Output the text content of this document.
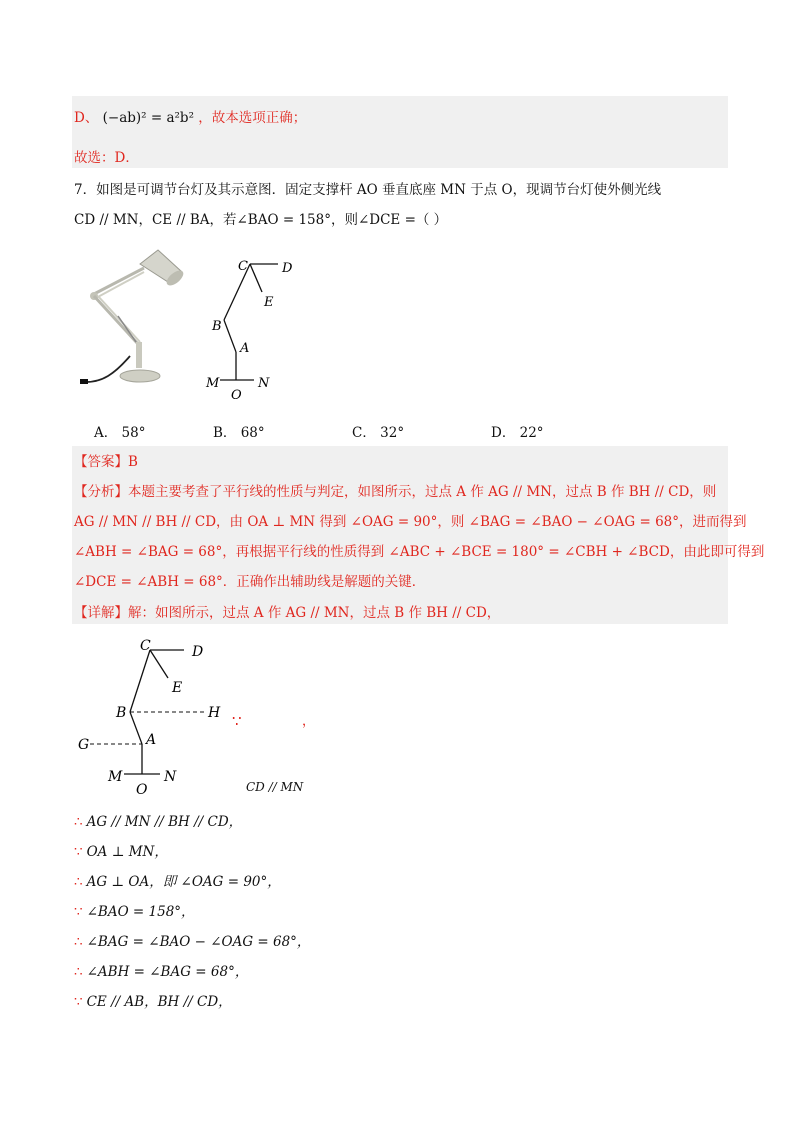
D、 (−ab)² = a²b² ，故本选项正确；
故选：D．
7．如图是可调节台灯及其示意图．固定支撑杆 AO 垂直底座 MN 于点 O，现调节台灯使外侧光线
CD // MN，CE // BA，若∠BAO = 158°，则∠DCE =（ ）
C	D
E
B
A
M
O
N
A． 58°	B． 68°	C． 32°	D． 22°
【答案】B
【分析】本题主要考查了平行线的性质与判定，如图所示，过点 A 作 AG // MN，过点 B 作 BH // CD，则
AG // MN // BH // CD，由 OA ⊥ MN 得到 ∠OAG = 90°，则 ∠BAG = ∠BAO − ∠OAG = 68°，进而得到
∠ABH = ∠BAG = 68°，再根据平行线的性质得到 ∠ABC + ∠BCE = 180° = ∠CBH + ∠BCD，由此即可得到
∠DCE = ∠ABH = 68°．正确作出辅助线是解题的关键．
【详解】解：如图所示，过点 A 作 AG // MN，过点 B 作 BH // CD，
C	D
E
B	H
G	A
M
O
N
∵	，
CD // MN
∴ AG // MN // BH // CD，
∵ OA ⊥ MN，
∴ AG ⊥ OA，即 ∠OAG = 90°，
∵ ∠BAO = 158°，
∴ ∠BAG = ∠BAO − ∠OAG = 68°，
∴ ∠ABH = ∠BAG = 68°，
∵ CE // AB，BH // CD，
